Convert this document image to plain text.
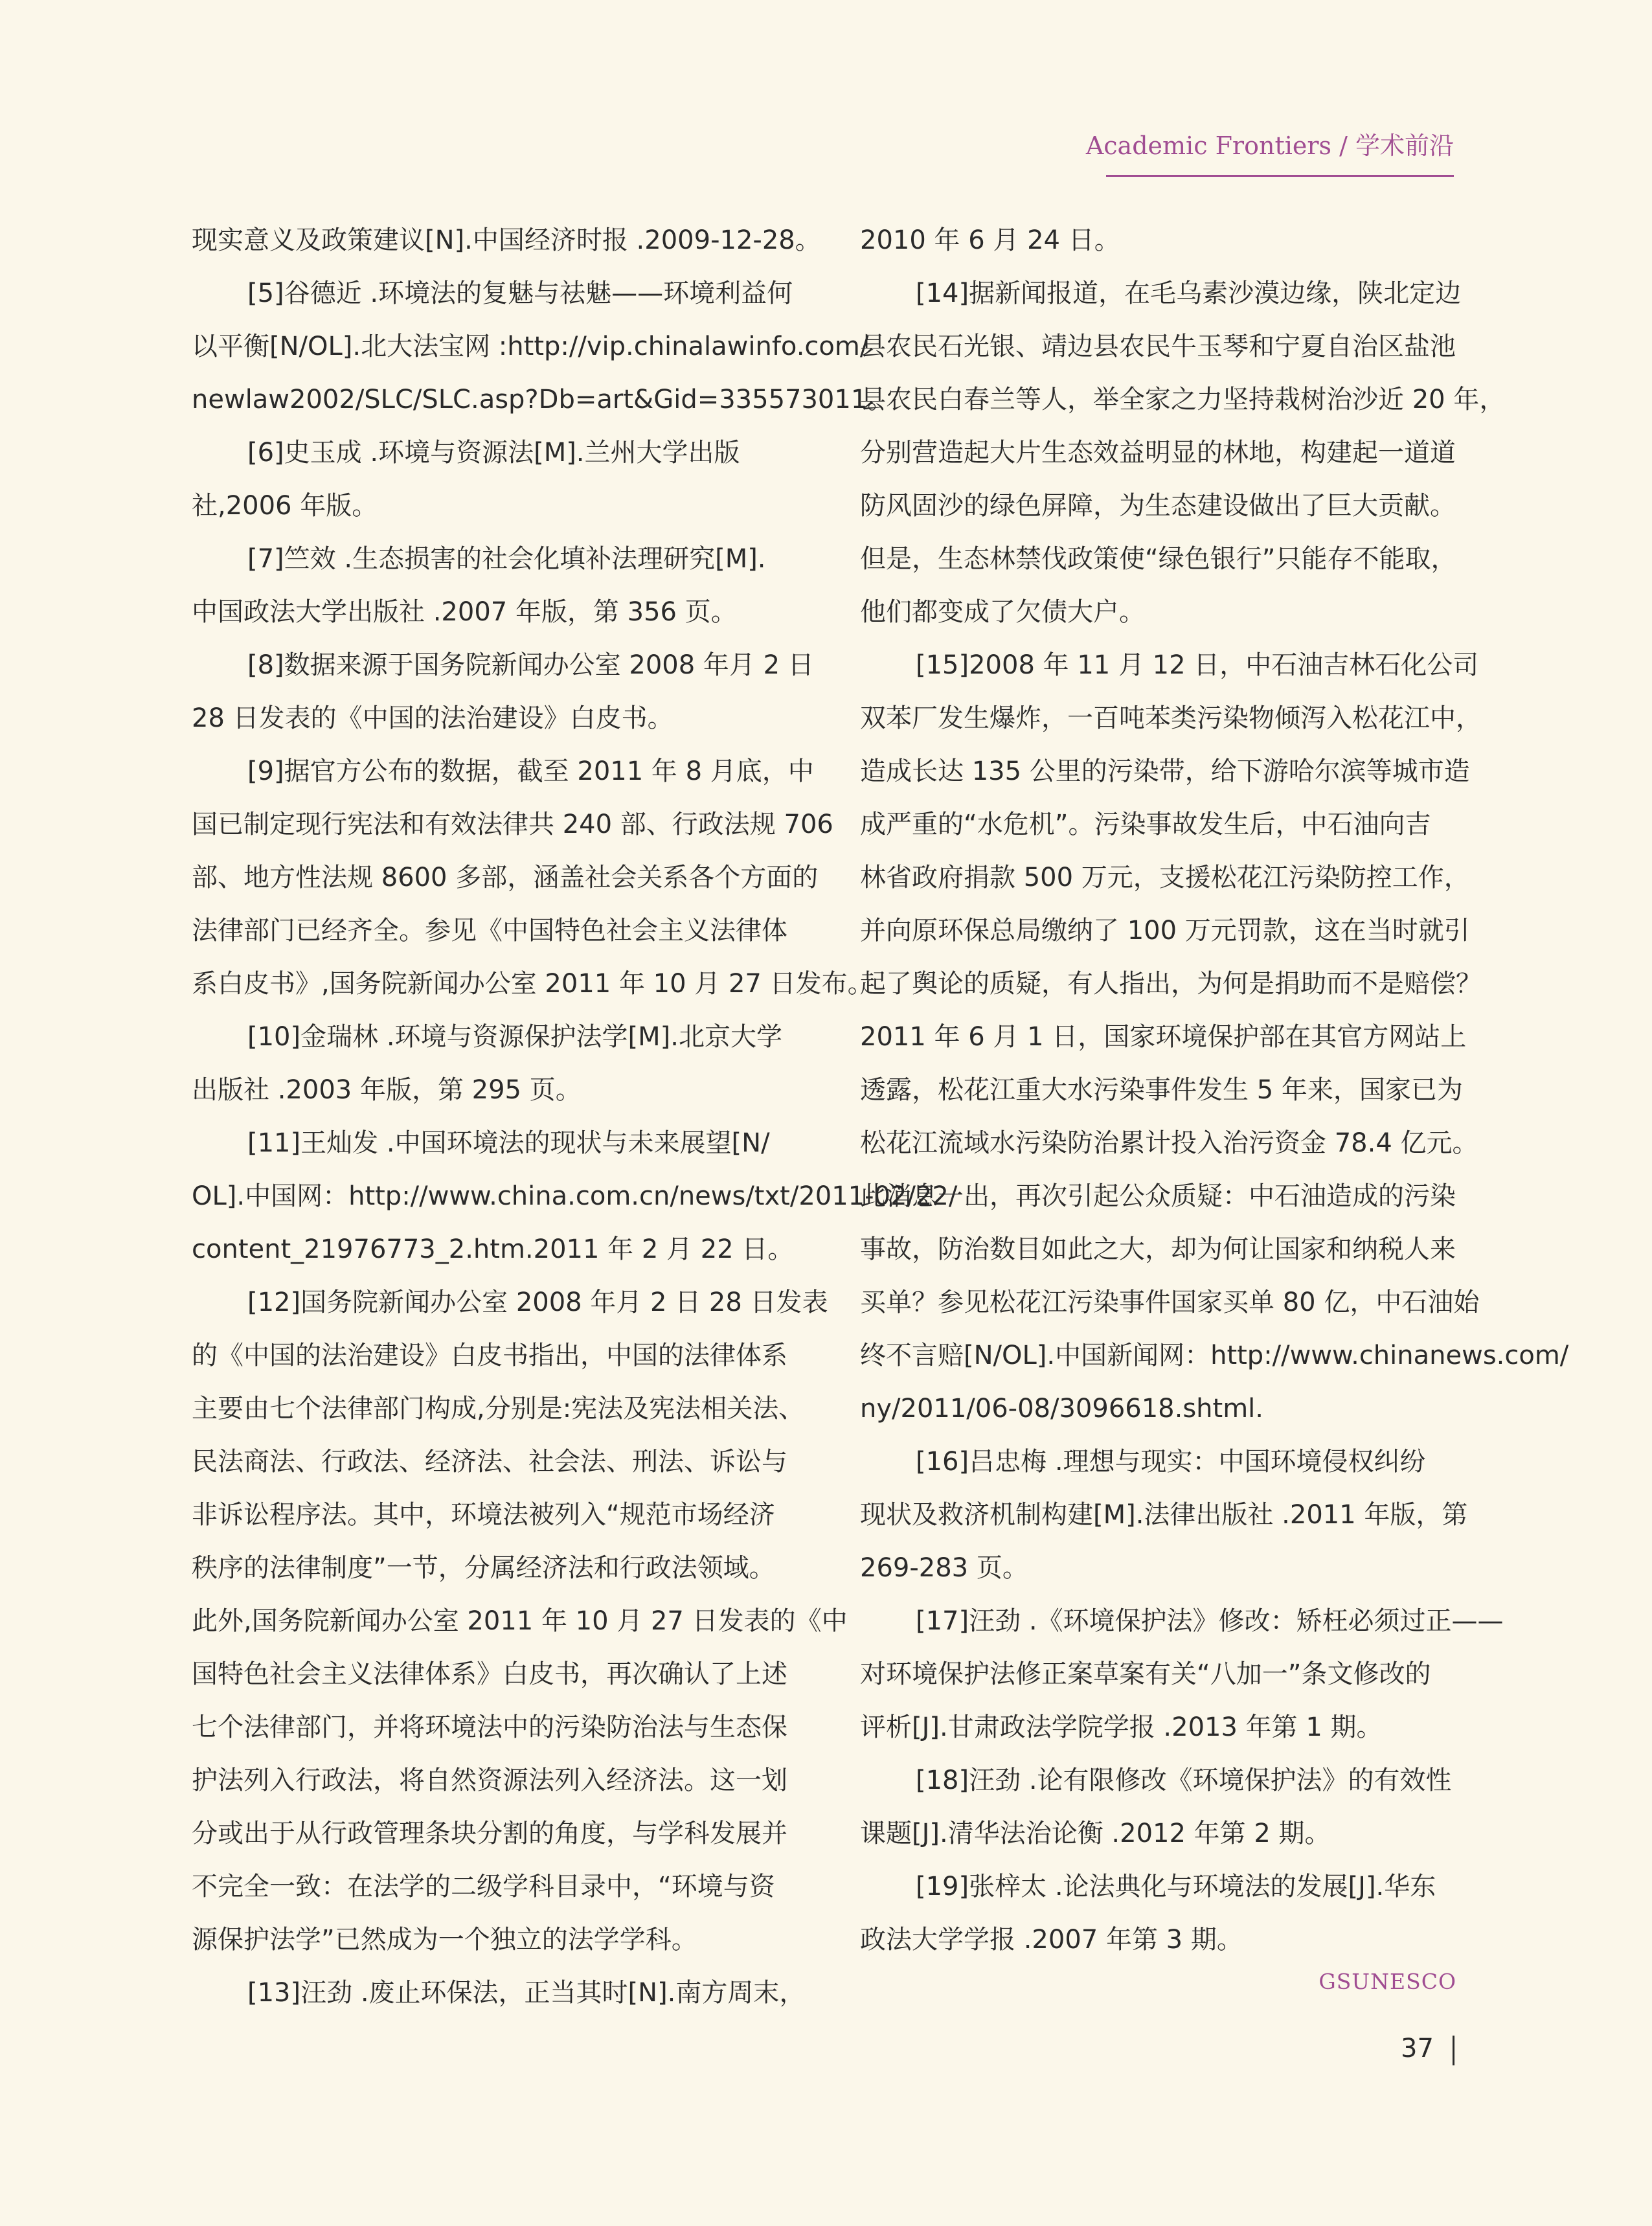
Academic Frontiers / 学术前沿
现实意义及政策建议[N].中国经济时报 .2009-12-28。
[5]谷德近 .环境法的复魅与祛魅——环境利益何
以平衡[N/OL].北大法宝网 :http://vip.chinalawinfo.com/
newlaw2002/SLC/SLC.asp?Db=art&Gid=335573011。
[6]史玉成 .环境与资源法[M].兰州大学出版
社,2006 年版。
[7]竺效 .生态损害的社会化填补法理研究[M].
中国政法大学出版社 .2007 年版，第 356 页。
[8]数据来源于国务院新闻办公室 2008 年月 2 日
28 日发表的《中国的法治建设》白皮书。
[9]据官方公布的数据，截至 2011 年 8 月底，中
国已制定现行宪法和有效法律共 240 部、行政法规 706
部、地方性法规 8600 多部，涵盖社会关系各个方面的
法律部门已经齐全。参见《中国特色社会主义法律体
系白皮书》,国务院新闻办公室 2011 年 10 月 27 日发布。
[10]金瑞林 .环境与资源保护法学[M].北京大学
出版社 .2003 年版，第 295 页。
[11]王灿发 .中国环境法的现状与未来展望[N/
OL].中国网：http://www.china.com.cn/news/txt/2011-02/22/
content_21976773_2.htm.2011 年 2 月 22 日。
[12]国务院新闻办公室 2008 年月 2 日 28 日发表
的《中国的法治建设》白皮书指出，中国的法律体系
主要由七个法律部门构成,分别是:宪法及宪法相关法、
民法商法、行政法、经济法、社会法、刑法、诉讼与
非诉讼程序法。其中，环境法被列入“规范市场经济
秩序的法律制度”一节，分属经济法和行政法领域。
此外,国务院新闻办公室 2011 年 10 月 27 日发表的《中
国特色社会主义法律体系》白皮书，再次确认了上述
七个法律部门，并将环境法中的污染防治法与生态保
护法列入行政法，将自然资源法列入经济法。这一划
分或出于从行政管理条块分割的角度，与学科发展并
不完全一致：在法学的二级学科目录中，“环境与资
源保护法学”已然成为一个独立的法学学科。
[13]汪劲 .废止环保法，正当其时[N].南方周末，
2010 年 6 月 24 日。
[14]据新闻报道，在毛乌素沙漠边缘，陕北定边
县农民石光银、靖边县农民牛玉琴和宁夏自治区盐池
县农民白春兰等人，举全家之力坚持栽树治沙近 20 年，
分别营造起大片生态效益明显的林地，构建起一道道
防风固沙的绿色屏障，为生态建设做出了巨大贡献。
但是，生态林禁伐政策使“绿色银行”只能存不能取，
他们都变成了欠债大户。
[15]2008 年 11 月 12 日，中石油吉林石化公司
双苯厂发生爆炸，一百吨苯类污染物倾泻入松花江中，
造成长达 135 公里的污染带，给下游哈尔滨等城市造
成严重的“水危机”。污染事故发生后，中石油向吉
林省政府捐款 500 万元，支援松花江污染防控工作，
并向原环保总局缴纳了 100 万元罚款，这在当时就引
起了舆论的质疑，有人指出，为何是捐助而不是赔偿？
2011 年 6 月 1 日，国家环境保护部在其官方网站上
透露，松花江重大水污染事件发生 5 年来，国家已为
松花江流域水污染防治累计投入治污资金 78.4 亿元。
此消息一出，再次引起公众质疑：中石油造成的污染
事故，防治数目如此之大，却为何让国家和纳税人来
买单？参见松花江污染事件国家买单 80 亿，中石油始
终不言赔[N/OL].中国新闻网：http://www.chinanews.com/
ny/2011/06-08/3096618.shtml.
[16]吕忠梅 .理想与现实：中国环境侵权纠纷
现状及救济机制构建[M].法律出版社 .2011 年版，第
269-283 页。
[17]汪劲 .《环境保护法》修改：矫枉必须过正——
对环境保护法修正案草案有关“八加一”条文修改的
评析[J].甘肃政法学院学报 .2013 年第 1 期。
[18]汪劲 .论有限修改《环境保护法》的有效性
课题[J].清华法治论衡 .2012 年第 2 期。
[19]张梓太 .论法典化与环境法的发展[J].华东
政法大学学报 .2007 年第 3 期。
GSUNESCO
37
